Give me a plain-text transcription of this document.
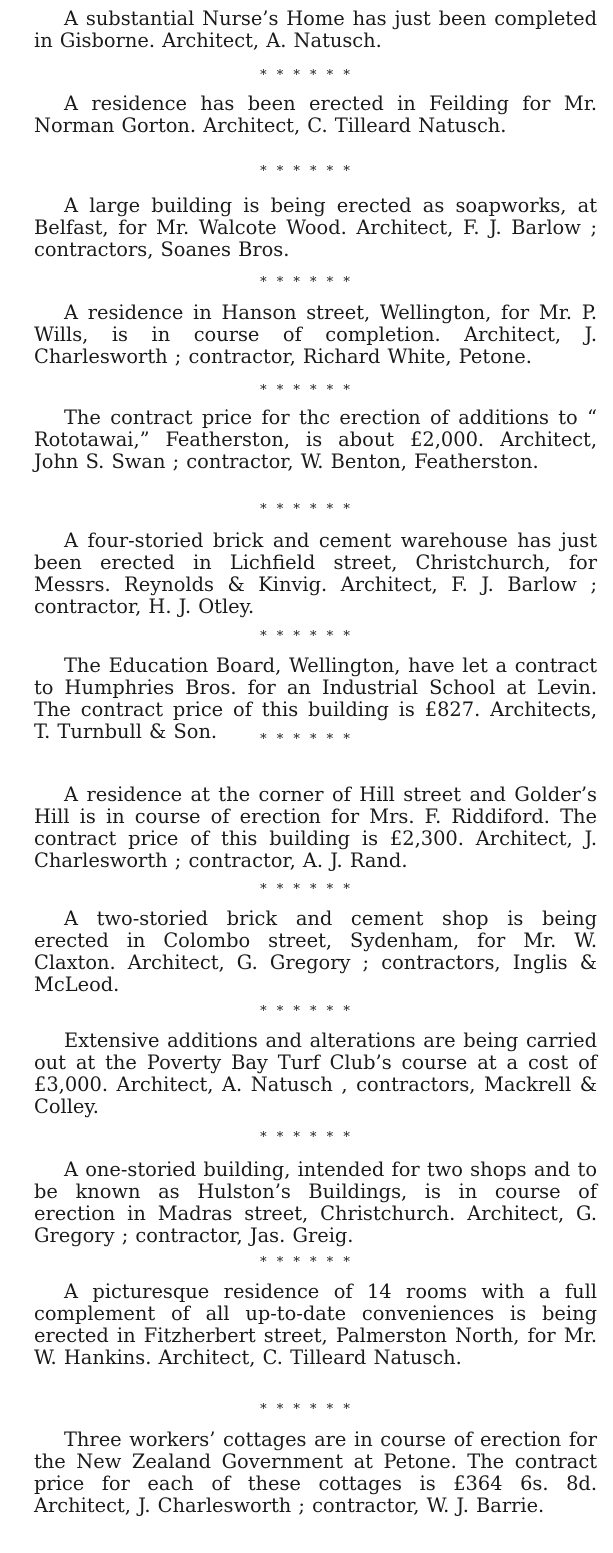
A substantial Nurse’s Home has just been completed in Gisborne. Architect, A. Natusch.

* * * * * *

A residence has been erected in Feilding for Mr. Norman Gorton. Architect, C. Tilleard Natusch.

* * * * * *

A large building is being erected as soapworks, at Belfast, for Mr. Walcote Wood. Architect, F. J. Barlow ; contractors, Soanes Bros.

* * * * * *

A residence in Hanson street, Wellington, for Mr. P. Wills, is in course of completion. Architect, J. Charlesworth ; contractor, Richard White, Petone.

* * * * * *

The contract price for thc erection of additions to “ Rototawai,” Featherston, is about £2,000. Architect, John S. Swan ; contractor, W. Benton, Featherston.

* * * * * *

A four-storied brick and cement warehouse has just been erected in Lichfield street, Christchurch, for Messrs. Reynolds & Kinvig. Architect, F. J. Barlow ; contractor, H. J. Otley.

* * * * * *

The Education Board, Wellington, have let a contract to Humphries Bros. for an Industrial School at Levin. The contract price of this building is £827. Architects, T. Turnbull & Son.	* * * * * *

A residence at the corner of Hill street and Golder’s Hill is in course of erection for Mrs. F. Riddiford. The contract price of this building is £2,300. Architect, J. Charlesworth ; contractor, A. J. Rand.

* * * * * *

A two-storied brick and cement shop is being erected in Colombo street, Sydenham, for Mr. W. Claxton. Architect, G. Gregory ; contractors, Inglis & McLeod.

* * * * * *

Extensive additions and alterations are being carried out at the Poverty Bay Turf Club’s course at a cost of £3,000. Architect, A. Natusch , contractors, Mackrell & Colley.

* * * * * *

A one-storied building, intended for two shops and to be known as Hulston’s Buildings, is in course of erection in Madras street, Christchurch. Architect, G. Gregory ; contractor, Jas. Greig.

* * * * * *

A picturesque residence of 14 rooms with a full complement of all up-to-date conveniences is being erected in Fitzherbert street, Palmerston North, for Mr. W. Hankins. Architect, C. Tilleard Natusch.

* * * * * *

Three workers’ cottages are in course of erection for the New Zealand Government at Petone. The contract price for each of these cottages is £364 6s. 8d. Architect, J. Charlesworth ; contractor, W. J. Barrie.
